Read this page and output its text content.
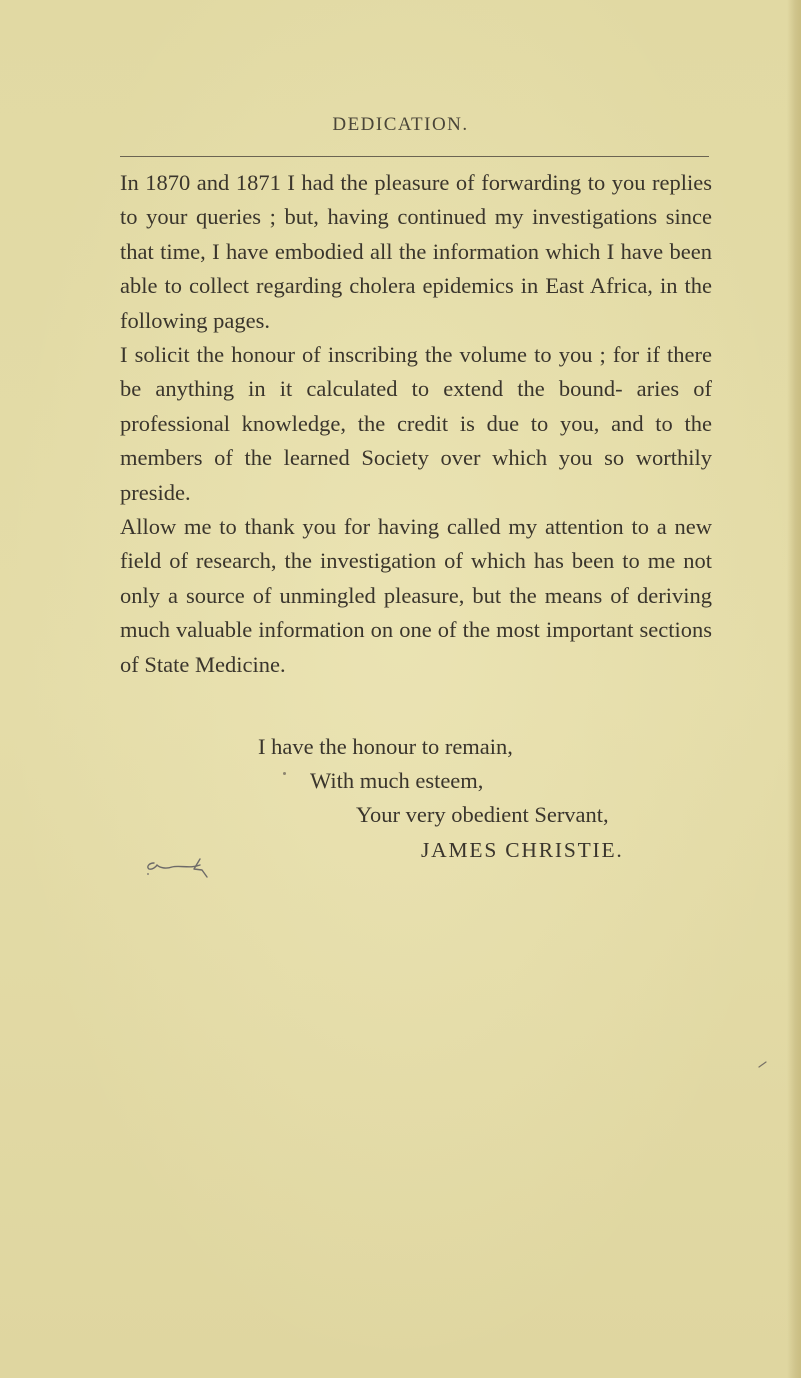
DEDICATION.

In 1870 and 1871 I had the pleasure of forwarding to you replies to your queries ; but, having continued my investigations since that time, I have embodied all the information which I have been able to collect regarding cholera epidemics in East Africa, in the following pages.

I solicit the honour of inscribing the volume to you ; for if there be anything in it calculated to extend the bound- aries of professional knowledge, the credit is due to you, and to the members of the learned Society over which you so worthily preside.

Allow me to thank you for having called my attention to a new field of research, the investigation of which has been to me not only a source of unmingled pleasure, but the means of deriving much valuable information on one of the most important sections of State Medicine.

I have the honour to remain,
With much esteem,
Your very obedient Servant,
JAMES CHRISTIE.
